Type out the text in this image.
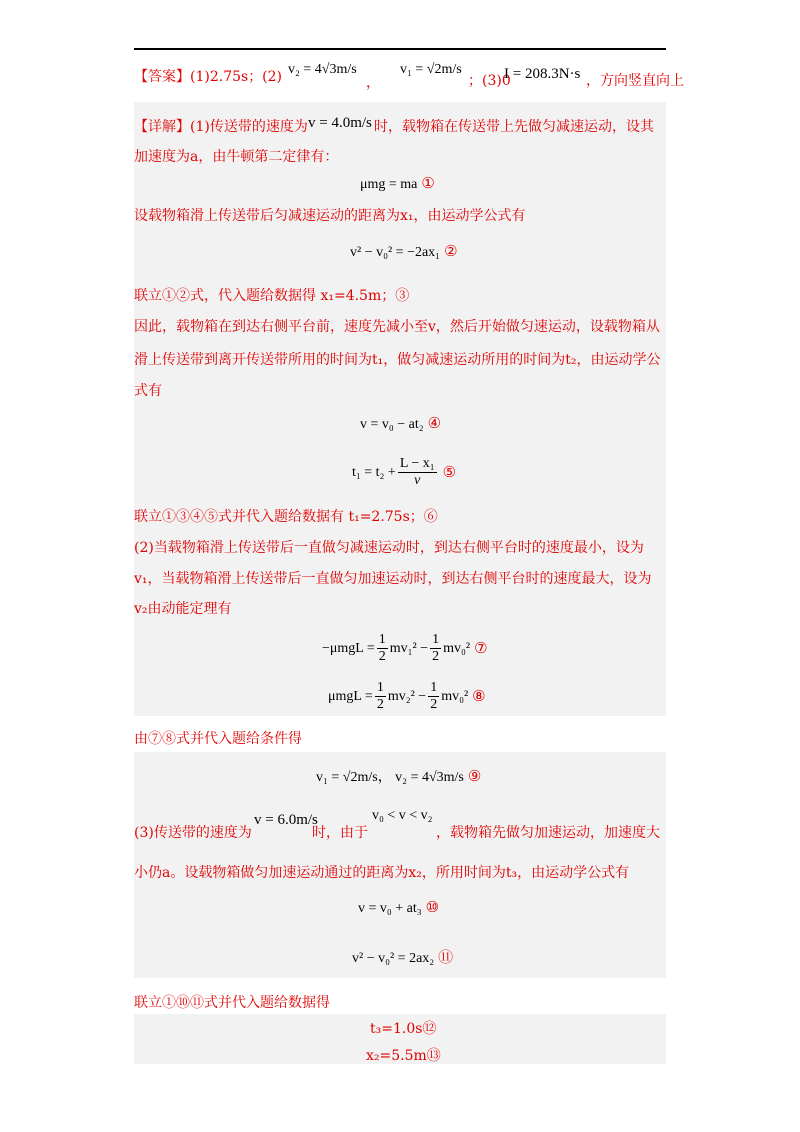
【答案】(1)2.75s；(2) v₂ = 4√3m/s
，
v₁ = √2m/s
；(3)0
I = 208.3N·s ，方向竖直向上
【详解】(1)传送带的速度为 v = 4.0m/s 时，载物箱在传送带上先做匀减速运动，设其
加速度为a，由牛顿第二定律有：
μmg = ma ①
设载物箱滑上传送带后匀减速运动的距离为x₁，由运动学公式有
v² − v₀² = −2ax₁ ②
联立①②式，代入题给数据得 x₁=4.5m；③
因此，载物箱在到达右侧平台前，速度先减小至v，然后开始做匀速运动，设载物箱从
滑上传送带到离开传送带所用的时间为t₁，做匀减速运动所用的时间为t₂，由运动学公
式有
v = v₀ − at₂ ④
$t_1 = t_2 + \frac{\text{L − x₁}}{v}$ ⑤
联立①③④⑤式并代入题给数据有 t₁=2.75s；⑥
(2)当载物箱滑上传送带后一直做匀减速运动时，到达右侧平台时的速度最小，设为
v₁，当载物箱滑上传送带后一直做匀加速运动时，到达右侧平台时的速度最大，设为
v₂由动能定理有
$-\mu mgL = \frac{1}{2} mv_1^2 - \frac{1}{2} mv_0^2$ ⑦
$\mu mgL = \frac{1}{2} mv_2^2 - \frac{1}{2} mv_0^2$ ⑧
由⑦⑧式并代入题给条件得
v₁ = √2m/s， v₂ = 4√3m/s ⑨
(3)传送带的速度为
v = 6.0m/s
时，由于
v₀ < v < v₂
，载物箱先做匀加速运动，加速度大
小仍a。设载物箱做匀加速运动通过的距离为x₂，所用时间为t₃，由运动学公式有
v = v₀ + at₃ ⑩
v² − v₀² = 2ax₂ ⑪
联立①⑩⑪式并代入题给数据得
t₃=1.0s⑫
x₂=5.5m⑬
